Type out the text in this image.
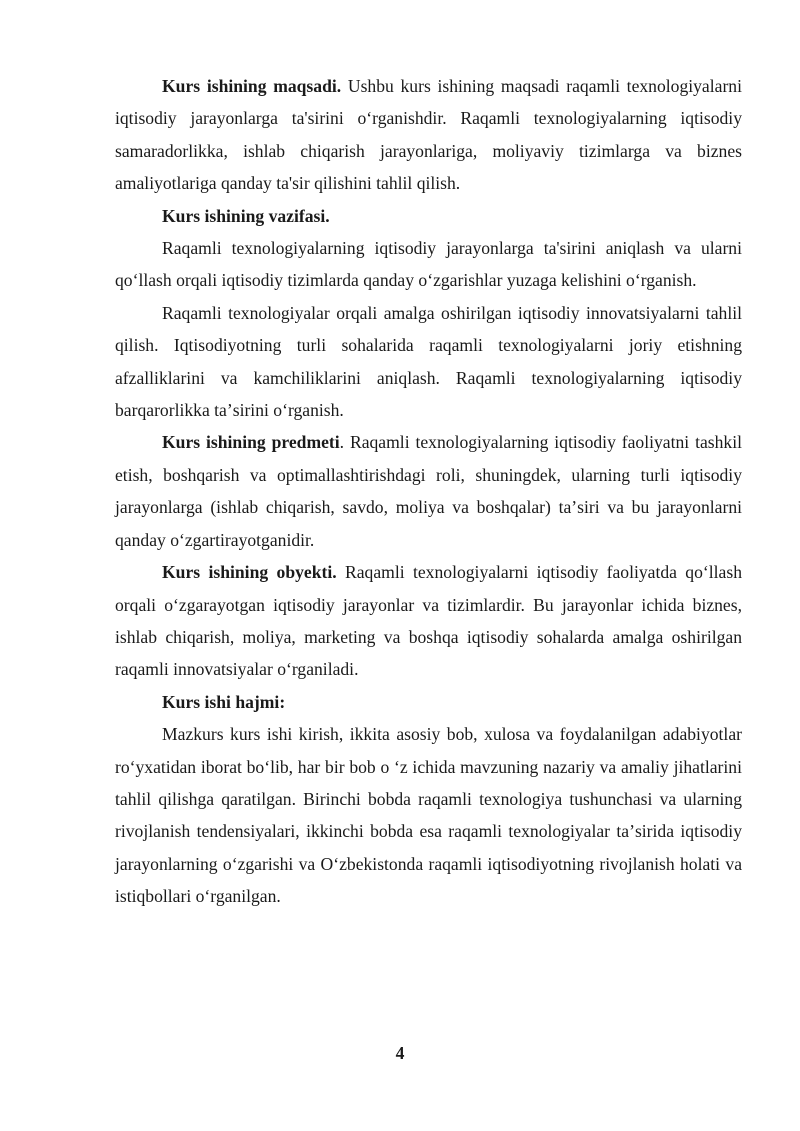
Kurs ishining maqsadi. Ushbu kurs ishining maqsadi raqamli texnologiyalarni iqtisodiy jarayonlarga ta'sirini oʻrganishdir. Raqamli texnologiyalarning iqtisodiy samaradorlikka, ishlab chiqarish jarayonlariga, moliyaviy tizimlarga va biznes amaliyotlariga qanday ta'sir qilishini tahlil qilish.

Kurs ishining vazifasi.

Raqamli texnologiyalarning iqtisodiy jarayonlarga ta'sirini aniqlash va ularni qoʻllash orqali iqtisodiy tizimlarda qanday oʻzgarishlar yuzaga kelishini oʻrganish.

Raqamli texnologiyalar orqali amalga oshirilgan iqtisodiy innovatsiyalarni tahlil qilish. Iqtisodiyotning turli sohalarida raqamli texnologiyalarni joriy etishning afzalliklarini va kamchiliklarini aniqlash. Raqamli texnologiyalarning iqtisodiy barqarorlikka taʼsirini oʻrganish.

Kurs ishining predmeti. Raqamli texnologiyalarning iqtisodiy faoliyatni tashkil etish, boshqarish va optimallashtirishdagi roli, shuningdek, ularning turli iqtisodiy jarayonlarga (ishlab chiqarish, savdo, moliya va boshqalar) taʼsiri va bu jarayonlarni qanday oʻzgartirayotganidir.

Kurs ishining obyekti. Raqamli texnologiyalarni iqtisodiy faoliyatda qoʻllash orqali oʻzgarayotgan iqtisodiy jarayonlar va tizimlardir. Bu jarayonlar ichida biznes, ishlab chiqarish, moliya, marketing va boshqa iqtisodiy sohalarda amalga oshirilgan raqamli innovatsiyalar oʻrganiladi.

Kurs ishi hajmi:

Mazkurs kurs ishi kirish, ikkita asosiy bob, xulosa va foydalanilgan adabiyotlar roʻyxatidan iborat boʻlib, har bir bob o ʻz ichida mavzuning nazariy va amaliy jihatlarini tahlil qilishga qaratilgan. Birinchi bobda raqamli texnologiya tushunchasi va ularning rivojlanish tendensiyalari, ikkinchi bobda esa raqamli texnologiyalar taʼsirida iqtisodiy jarayonlarning oʻzgarishi va Oʻzbekistonda raqamli iqtisodiyotning rivojlanish holati va istiqbollari oʻrganilgan.

4
